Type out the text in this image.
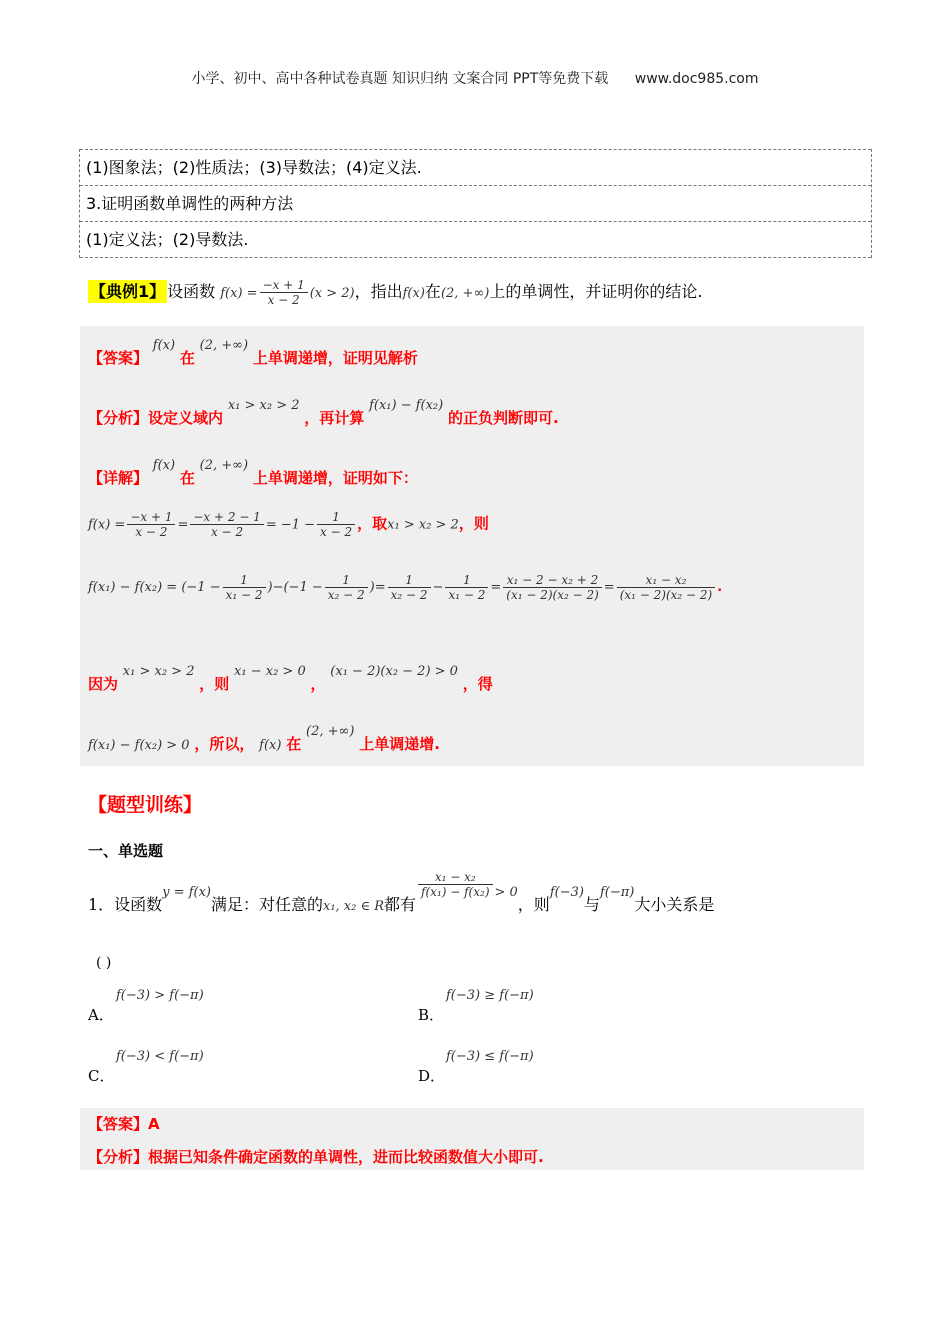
小学、初中、高中各种试卷真题 知识归纳 文案合同 PPT等免费下载 www.doc985.com
(1)图象法；(2)性质法；(3)导数法；(4)定义法.
3.证明函数单调性的两种方法
(1)定义法；(2)导数法.
【典例1】 设函数 $f(x) = \frac{-x + 1}{x - 2} (x > 2)$，指出f(x)在(2, +∞)上的单调性，并证明你的结论.
【答案】 f(x) 在 (2, +∞) 上单调递增，证明见解析
【分析】设定义域内 x₁ > x₂ > 2 ，再计算 f(x₁) − f(x₂) 的正负判断即可.
【详解】 f(x) 在 (2, +∞) 上单调递增，证明如下：
$f(x) = \frac{-x + 1}{x - 2} = \frac{-x + 2 - 1}{x - 2} = -1 - \frac{1}{x - 2}$ ，取x₁ > x₂ > 2，则
$f(x_1) - f(x_2) = (-1 - \frac{1}{\text{x₁ − 2}} )-(-1 - \frac{1}{\text{x₂ − 2}}$ )= $\frac{1}{\text{x₂ − 2}} - \frac{1}{\text{x₁ − 2}} = \frac{\text{x₁ − 2 − x₂ + 2}}{\text{(x₁ − 2)(x₂ − 2)}} = \frac{\text{x₁ − x₂}}{\text{(x₁ − 2)(x₂ − 2)}}$ .
因为 x₁ > x₂ > 2 ，则 x₁ − x₂ > 0 ， (x₁ − 2)(x₂ − 2) > 0 ，得
f(x₁) − f(x₂) > 0 ，所以， f(x) 在 (2, +∞) 上单调递增.
【题型训练】
一、单选题
1．设函数$^{y = f(x)}$满足：对任意的x₁, x₂ ∈ R都有
$\frac{\text{x₁ − x₂}}{\text{f(x₁) − f(x₂)}} ^{> 0}$，则$^{f(-3)}$与$^{f(-\pi)}$大小关系是
( )
A．
f(−3) > f(−π)
B．
f(−3) ≥ f(−π)
C．
f(−3) < f(−π)
D．
f(−3) ≤ f(−π)
【答案】A
【分析】根据已知条件确定函数的单调性，进而比较函数值大小即可.
